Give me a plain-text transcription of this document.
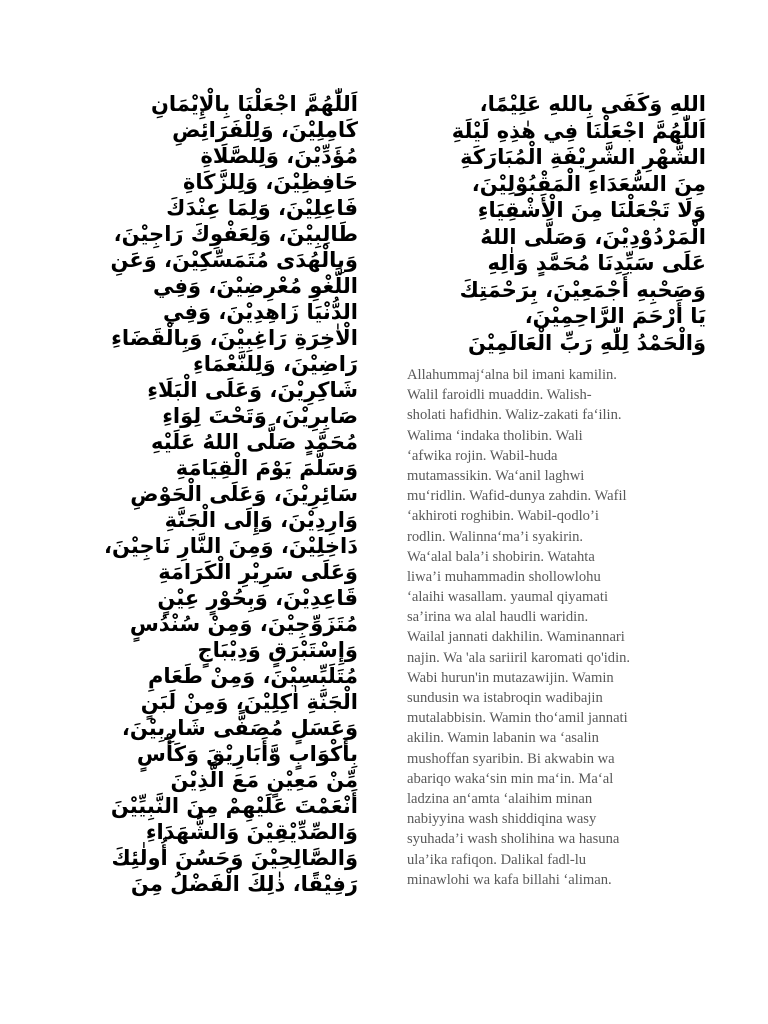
اَللّٰهُمَّ اجْعَلْنَا بِالْإِيْمَانِ
كَامِلِيْنَ، وَلِلْفَرَائِضِ
مُؤَدِّيْنَ، وَلِلصَّلَاةِ
حَافِظِيْنَ، وَلِلزَّكَاةِ
فَاعِلِيْنَ، وَلِمَا عِنْدَكَ
طَالِبِيْنَ، وَلِعَفْوِكَ رَاجِيْنَ،
وَبِالْهُدَى مُتَمَسِّكِيْنَ، وَعَنِ
اللَّغْوِ مُعْرِضِيْنَ، وَفِي
الدُّنْيَا زَاهِدِيْنَ، وَفِي
الْاٰخِرَةِ رَاغِبِيْنَ، وَبِالْقَضَاءِ
رَاضِيْنَ، وَلِلنَّعْمَاءِ
شَاكِرِيْنَ، وَعَلَى الْبَلَاءِ
صَابِرِيْنَ، وَتَحْتَ لِوَاءِ
مُحَمَّدٍ صَلَّى اللهُ عَلَيْهِ
وَسَلَّمَ يَوْمَ الْقِيَامَةِ
سَائِرِيْنَ، وَعَلَى الْحَوْضِ
وَارِدِيْنَ، وَإِلَى الْجَنَّةِ
دَاخِلِيْنَ، وَمِنَ النَّارِ نَاجِيْنَ،
وَعَلَى سَرِيْرِ الْكَرَامَةِ
قَاعِدِيْنَ، وَبِحُوْرٍ عِيْنٍ
مُتَزَوِّجِيْنَ، وَمِنْ سُنْدُسٍ
وَإِسْتَبْرَقٍ وَدِيْبَاجٍ
مُتَلَبِّسِيْنَ، وَمِنْ طَعَامِ
الْجَنَّةِ اٰكِلِيْنَ، وَمِنْ لَبَنٍ
وَعَسَلٍ مُصَفًّى شَارِبِيْنَ،
بِأَكْوَابٍ وَّأَبَارِيْقَ وَكَأْسٍ
مِّنْ مَعِيْنٍ مَعَ الَّذِيْنَ
أَنْعَمْتَ عَلَيْهِمْ مِنَ النَّبِيِّيْنَ
وَالصِّدِّيْقِيْنَ وَالشُّهَدَاءِ
وَالصَّالِحِيْنَ وَحَسُنَ أُولٰئِكَ
رَفِيْقًا، ذٰلِكَ الْفَضْلُ مِنَ
اللهِ وَكَفَى بِاللهِ عَلِيْمًا،
اَللّٰهُمَّ اجْعَلْنَا فِي هٰذِهِ لَيْلَةِ
الشَّهْرِ الشَّرِيْفَةِ الْمُبَارَكَةِ
مِنَ السُّعَدَاءِ الْمَقْبُوْلِيْنَ،
وَلَا تَجْعَلْنَا مِنَ الْأَشْقِيَاءِ
الْمَرْدُوْدِيْنَ، وَصَلَّى اللهُ
عَلَى سَيِّدِنَا مُحَمَّدٍ وَاٰلِهِ
وَصَحْبِهِ أَجْمَعِيْنَ، بِرَحْمَتِكَ
يَا أَرْحَمَ الرَّاحِمِيْنَ،
وَالْحَمْدُ لِلّٰهِ رَبِّ الْعَالَمِيْنَ
Allahummaj‘alna bil imani kamilin.
Walil faroidli muaddin. Walish-
sholati hafidhin. Waliz-zakati fa‘ilin.
Walima ‘indaka tholibin. Wali
‘afwika rojin. Wabil-huda
mutamassikin. Wa‘anil laghwi
mu‘ridlin. Wafid-dunya zahdin. Wafil
‘akhiroti roghibin. Wabil-qodlo’i
rodlin. Walinna‘ma’i syakirin.
Wa‘alal bala’i shobirin. Watahta
liwa’i muhammadin shollowlohu
‘alaihi wasallam. yaumal qiyamati
sa’irina wa alal haudli waridin.
Wailal jannati dakhilin. Waminannari
najin. Wa 'ala sariiril karomati qo'idin.
Wabi hurun'in mutazawijin. Wamin
sundusin wa istabroqin wadibajin
mutalabbisin. Wamin tho‘amil jannati
akilin. Wamin labanin wa ‘asalin
mushoffan syaribin. Bi akwabin wa
abariqo waka‘sin min ma‘in. Ma‘al
ladzina an‘amta ‘alaihim minan
nabiyyina wash shiddiqina wasy
syuhada’i wash sholihina wa hasuna
ula’ika rafiqon. Dalikal fadl-lu
minawlohi wa kafa billahi ‘aliman.
